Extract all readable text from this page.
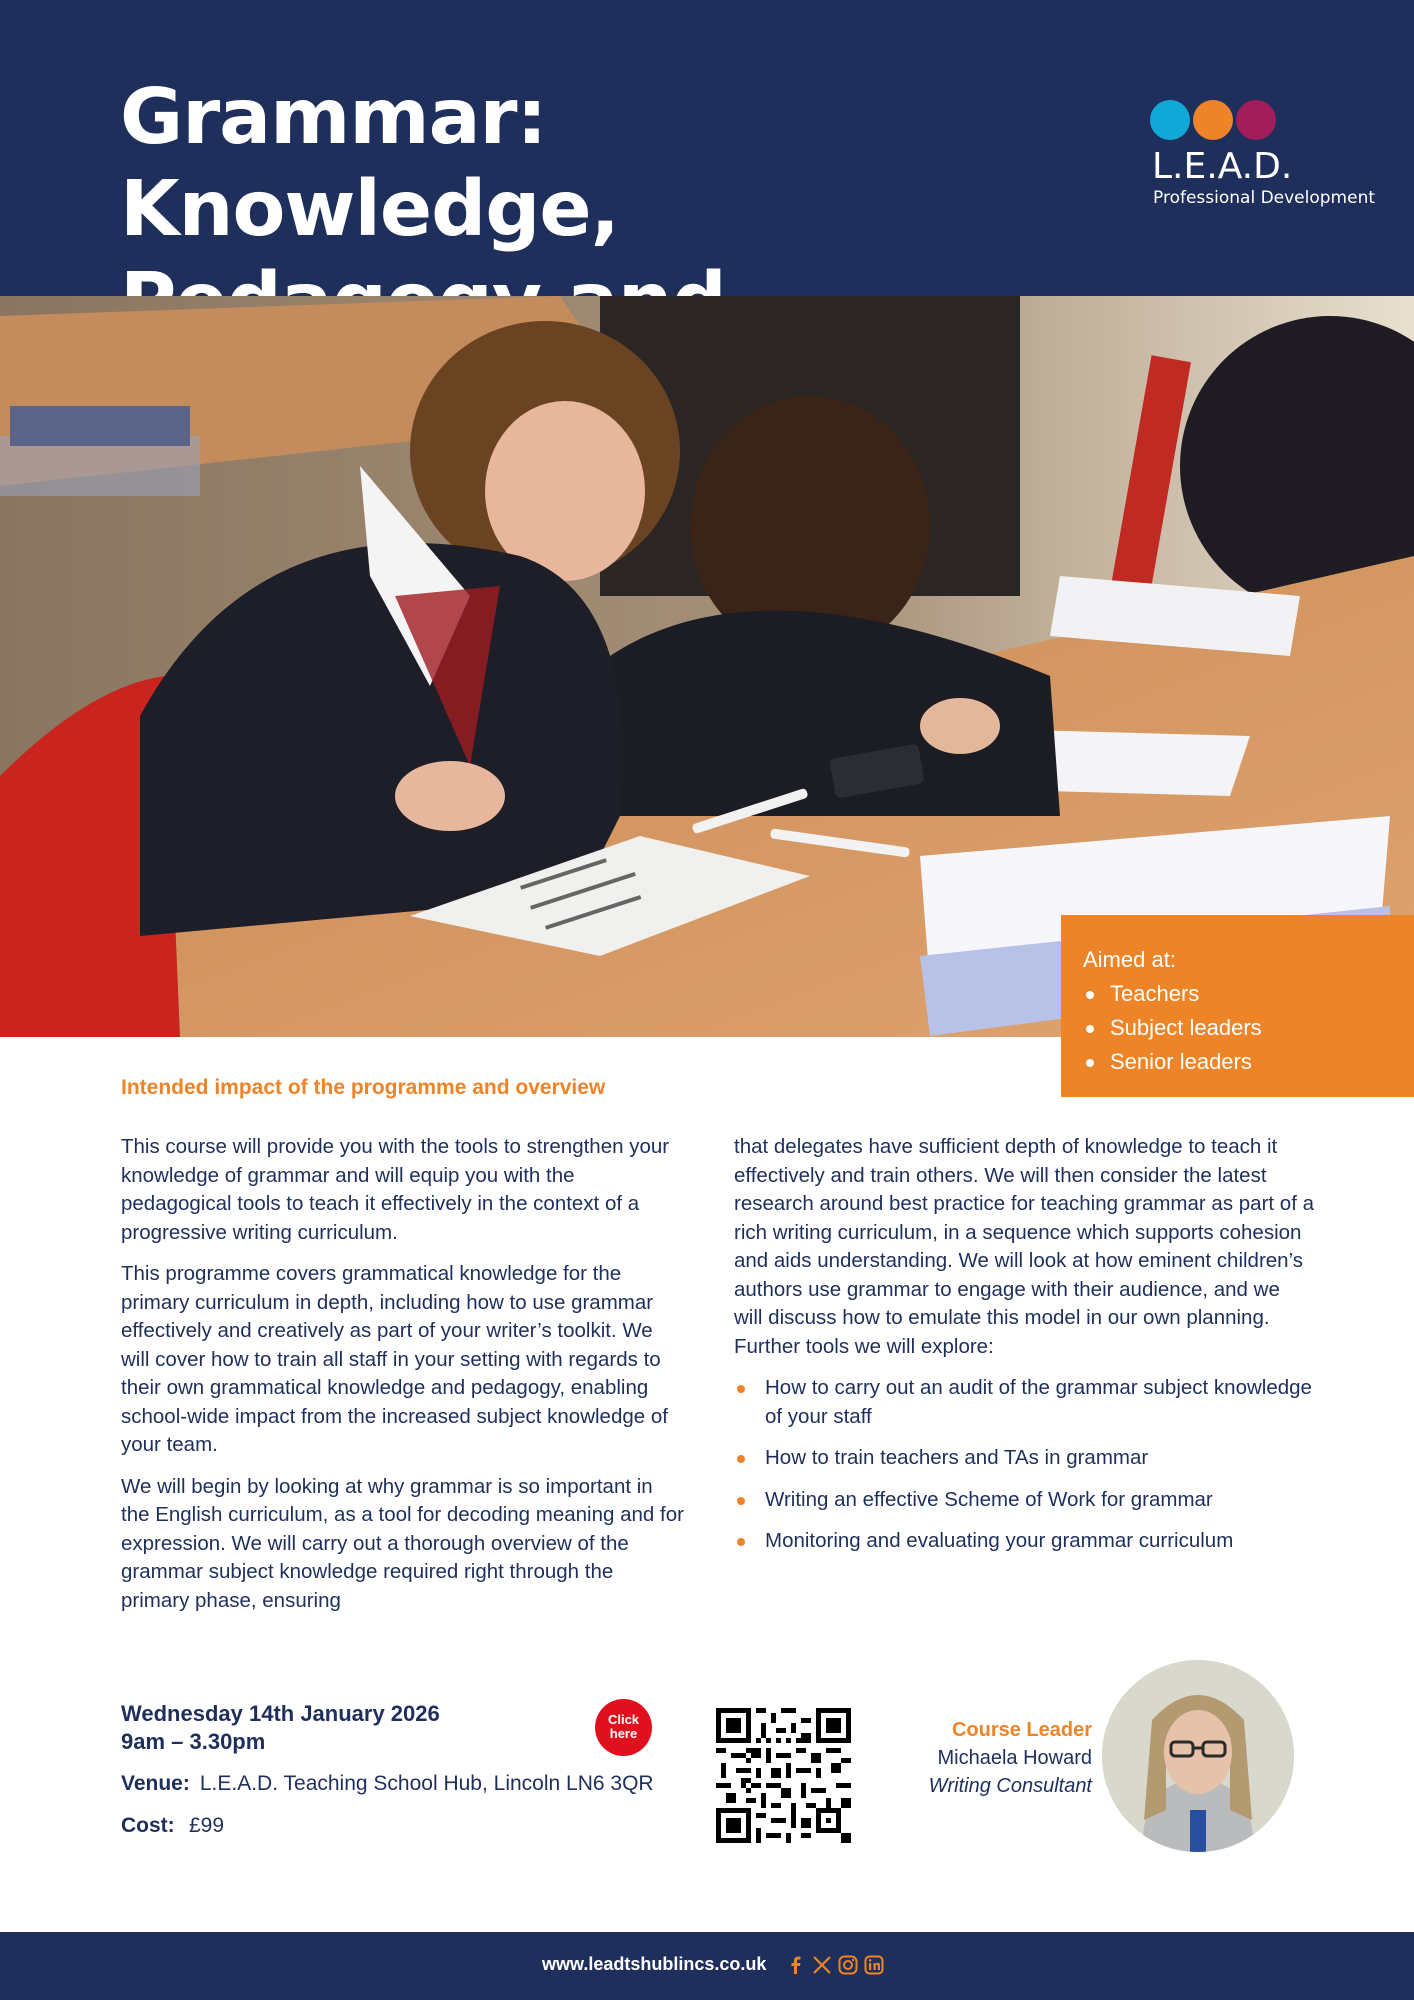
Grammar: Knowledge,	L.E.A.D.
Professional Development
Aimed at:
Teachers
Subject leaders
Senior leaders
Intended impact of the programme and overview

This course will provide you with the tools to strengthen your knowledge of grammar and will equip you with the pedagogical tools to teach it effectively in the context of a progressive writing curriculum.

This programme covers grammatical knowledge for the primary curriculum in depth, including how to use grammar effectively and creatively as part of your writer’s toolkit. We will cover how to train all staff in your setting with regards to their own grammatical knowledge and pedagogy, enabling school-wide impact from the increased subject knowledge of your team.

We will begin by looking at why grammar is so important in the English curriculum, as a tool for decoding meaning and for expression. We will carry out a thorough overview of the grammar subject knowledge required right through the primary phase, ensuring

that delegates have sufficient depth of knowledge to teach it effectively and train others. We will then consider the latest research around best practice for teaching grammar as part of a rich writing curriculum, in a sequence which supports cohesion and aids understanding. We will look at how eminent children’s authors use grammar to engage with their audience, and we will discuss how to emulate this model in our own planning. Further tools we will explore:

How to carry out an audit of the grammar subject knowledge of your staff
How to train teachers and TAs in grammar
Writing an effective Scheme of Work for grammar
Monitoring and evaluating your grammar curriculum
Wednesday 14th January 2026
9am – 3.30pm
Venue: L.E.A.D. Teaching School Hub, Lincoln LN6 3QR
Cost: £99
Click
here	Course Leader
Michaela Howard
Writing Consultant
www.leadtshublincs.co.uk
